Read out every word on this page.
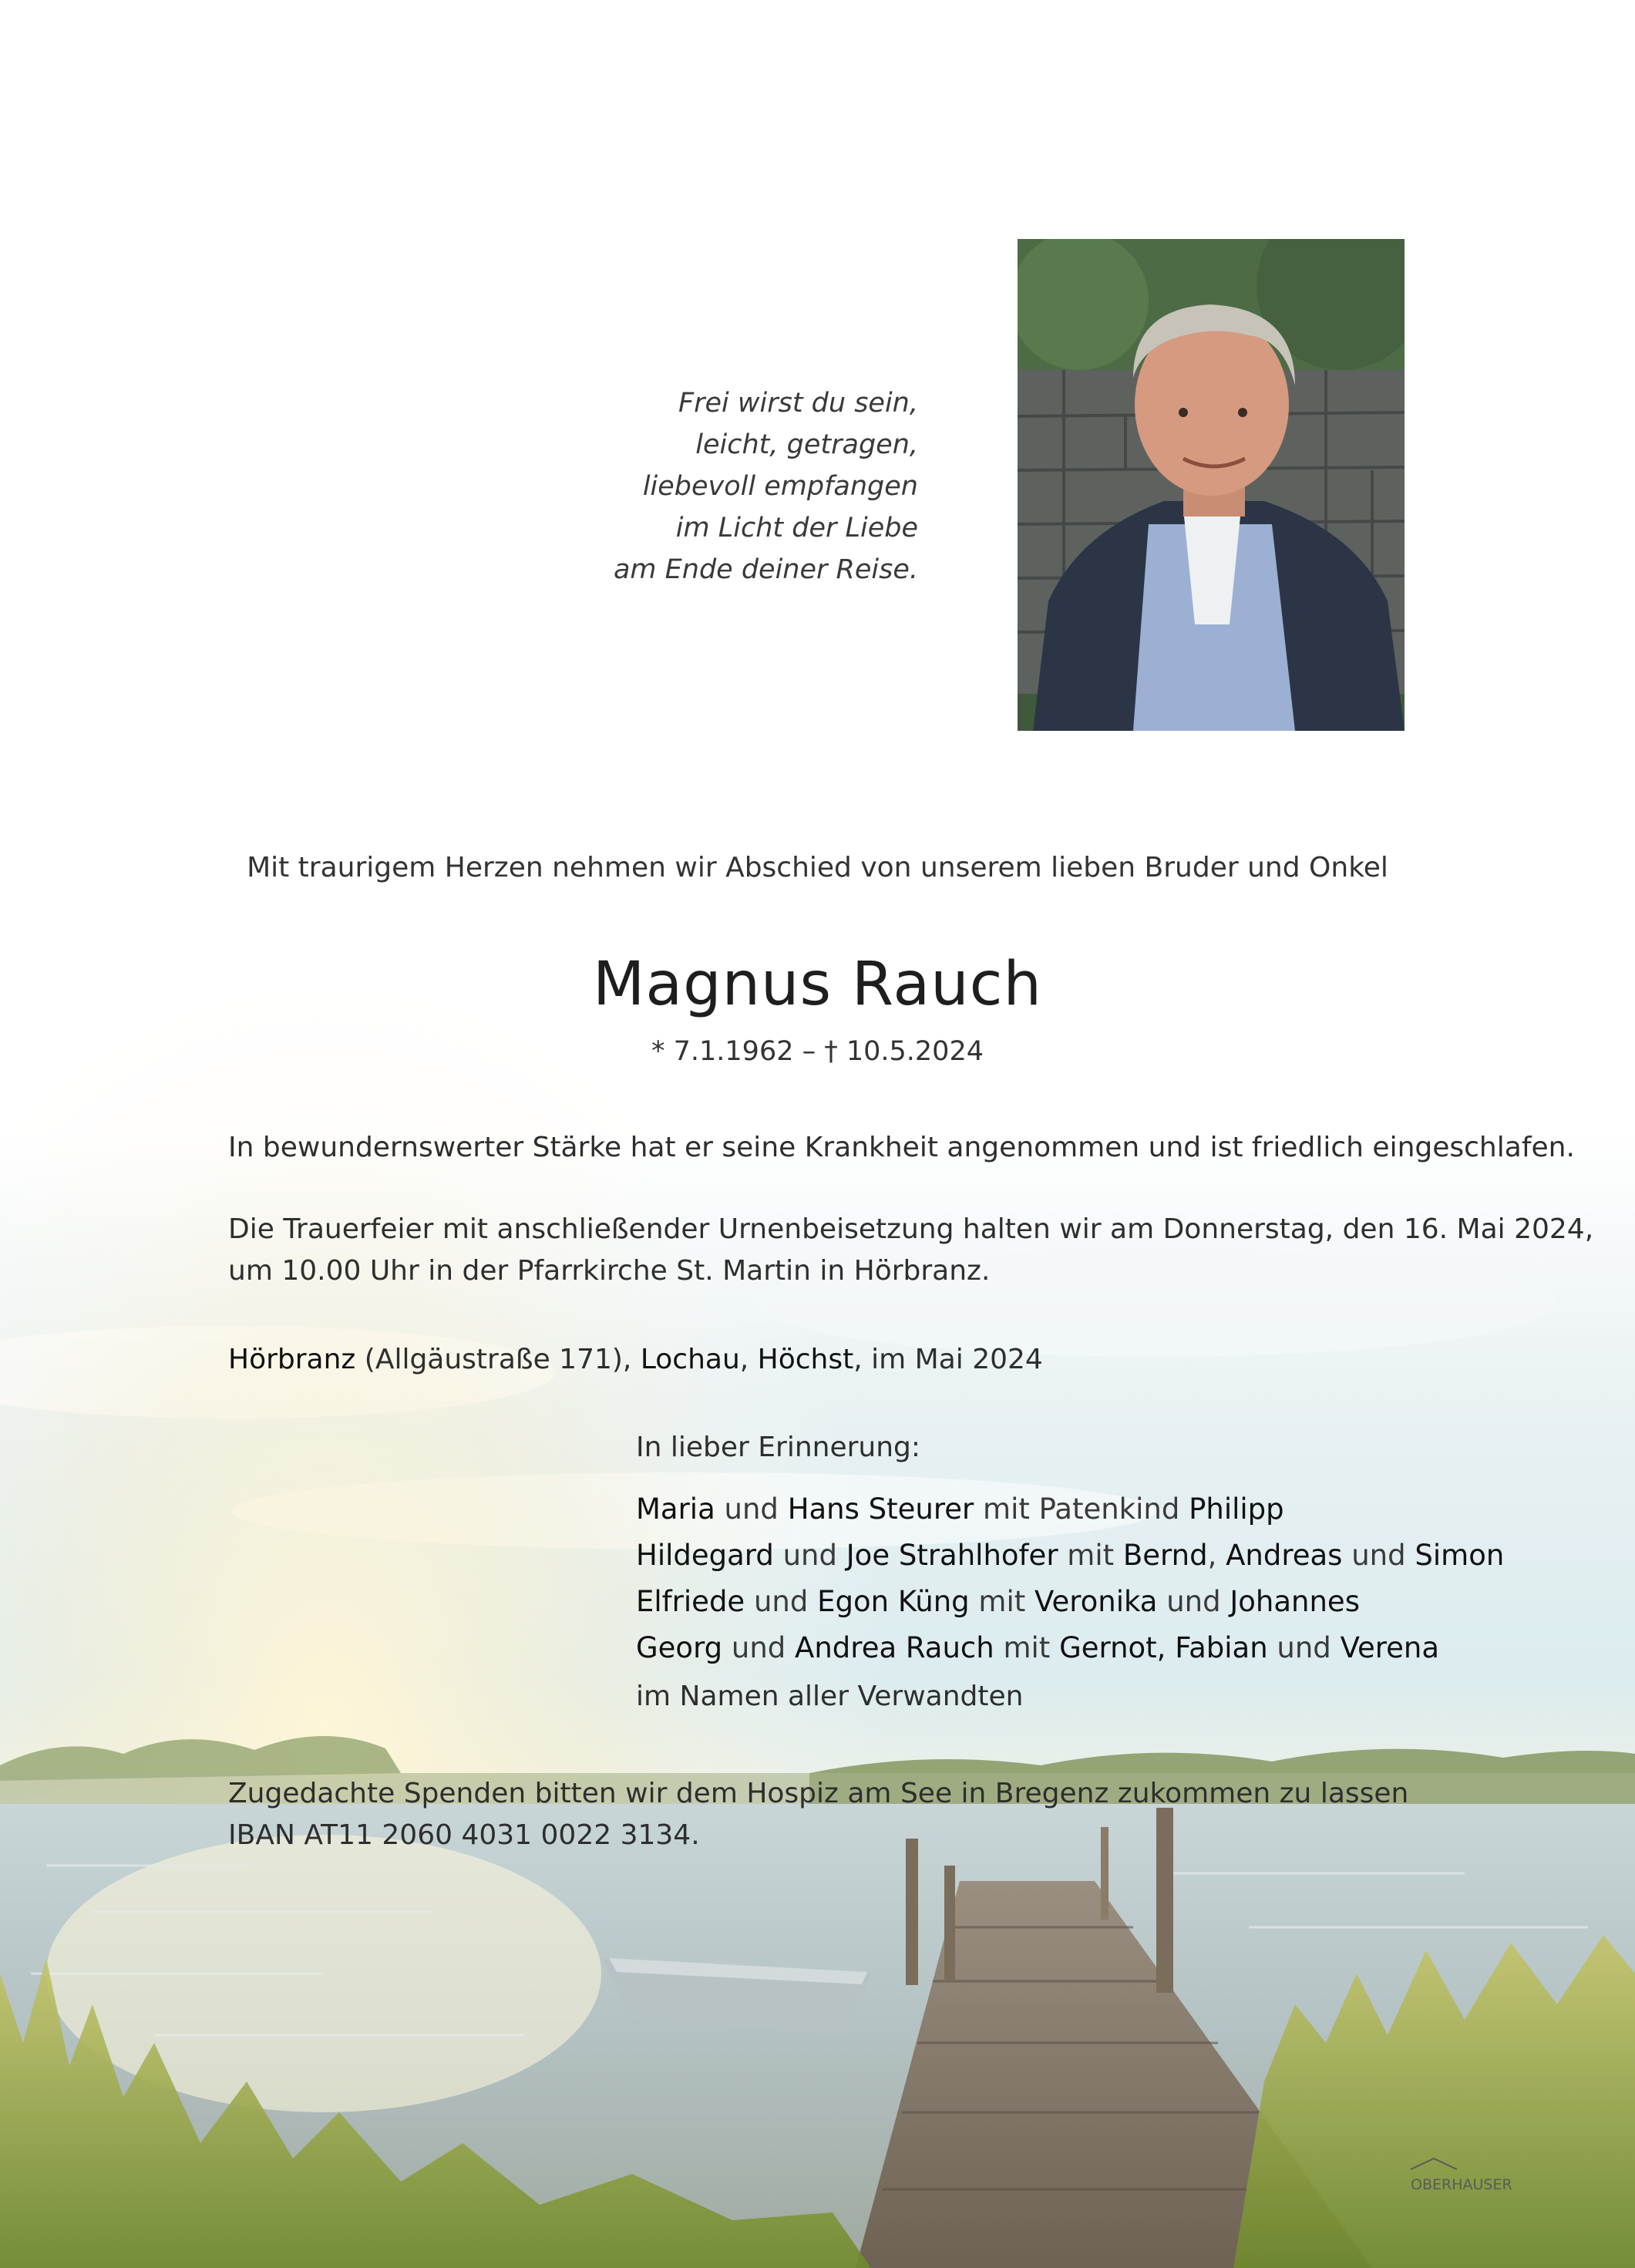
Frei wirst du sein,
leicht, getragen,
liebevoll empfangen
im Licht der Liebe
am Ende deiner Reise.
Mit traurigem Herzen nehmen wir Abschied von unserem lieben Bruder und Onkel
Magnus Rauch
* 7.1.1962 – † 10.5.2024
In bewundernswerter Stärke hat er seine Krankheit angenommen und ist friedlich eingeschlafen.
Die Trauerfeier mit anschließender Urnenbeisetzung halten wir am Donnerstag, den 16. Mai 2024,
um 10.00 Uhr in der Pfarrkirche St. Martin in Hörbranz.
Hörbranz (Allgäustraße 171), Lochau, Höchst, im Mai 2024
In lieber Erinnerung:
Maria und Hans Steurer mit Patenkind Philipp
Hildegard und Joe Strahlhofer mit Bernd, Andreas und Simon
Elfriede und Egon Küng mit Veronika und Johannes
Georg und Andrea Rauch mit Gernot, Fabian und Verena
im Namen aller Verwandten
Zugedachte Spenden bitten wir dem Hospiz am See in Bregenz zukommen zu lassen
IBAN AT11 2060 4031 0022 3134.
OBERHAUSER
